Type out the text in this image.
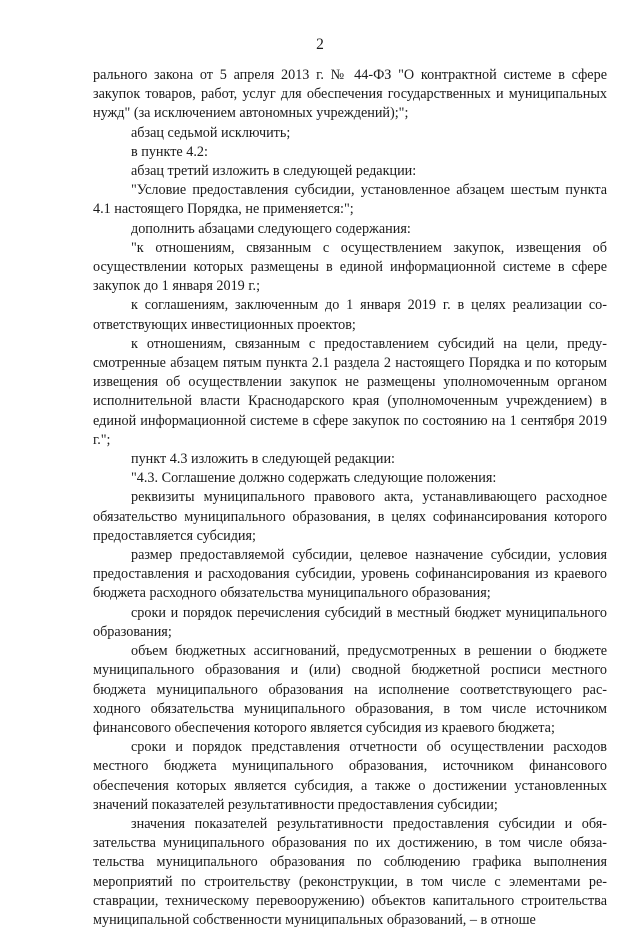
2

рального закона от 5 апреля 2013 г. № 44-ФЗ "О контрактной системе в сфере закупок товаров, работ, услуг для обеспечения государственных и муниципальных нужд" (за исключением автономных учреждений);";

абзац седьмой исключить;

в пункте 4.2:

абзац третий изложить в следующей редакции:

"Условие предоставления субсидии, установленное абзацем шестым пункта 4.1 настоящего Порядка, не применяется:";

дополнить абзацами следующего содержания:

"к отношениям, связанным с осуществлением закупок, извещения об осуществлении которых размещены в единой информационной системе в сфере закупок до 1 января 2019 г.;

к соглашениям, заключенным до 1 января 2019 г. в целях реализации соответствующих инвестиционных проектов;

к отношениям, связанным с предоставлением субсидий на цели, предусмотренные абзацем пятым пункта 2.1 раздела 2 настоящего Порядка и по которым извещения об осуществлении закупок не размещены уполномоченным органом исполнительной власти Краснодарского края (уполномоченным учреждением) в единой информационной системе в сфере закупок по состоянию на 1 сентября 2019 г.";

пункт 4.3 изложить в следующей редакции:

"4.3. Соглашение должно содержать следующие положения:

реквизиты муниципального правового акта, устанавливающего расходное обязательство муниципального образования, в целях софинансирования которого предоставляется субсидия;

размер предоставляемой субсидии, целевое назначение субсидии, условия предоставления и расходования субсидии, уровень софинансирования из краевого бюджета расходного обязательства муниципального образования;

сроки и порядок перечисления субсидий в местный бюджет муниципального образования;

объем бюджетных ассигнований, предусмотренных в решении о бюджете муниципального образования и (или) сводной бюджетной росписи местного бюджета муниципального образования на исполнение соответствующего расходного обязательства муниципального образования, в том числе источником финансового обеспечения которого является субсидия из краевого бюджета;

сроки и порядок представления отчетности об осуществлении расходов местного бюджета муниципального образования, источником финансового обеспечения которых является субсидия, а также о достижении установленных значений показателей результативности предоставления субсидии;

значения показателей результативности предоставления субсидии и обязательства муниципального образования по их достижению, в том числе обязательства муниципального образования по соблюдению графика выполнения мероприятий по строительству (реконструкции, в том числе с элементами реставрации, техническому перевооружению) объектов капитального строительства муниципальной собственности муниципальных образований, – в отноше
